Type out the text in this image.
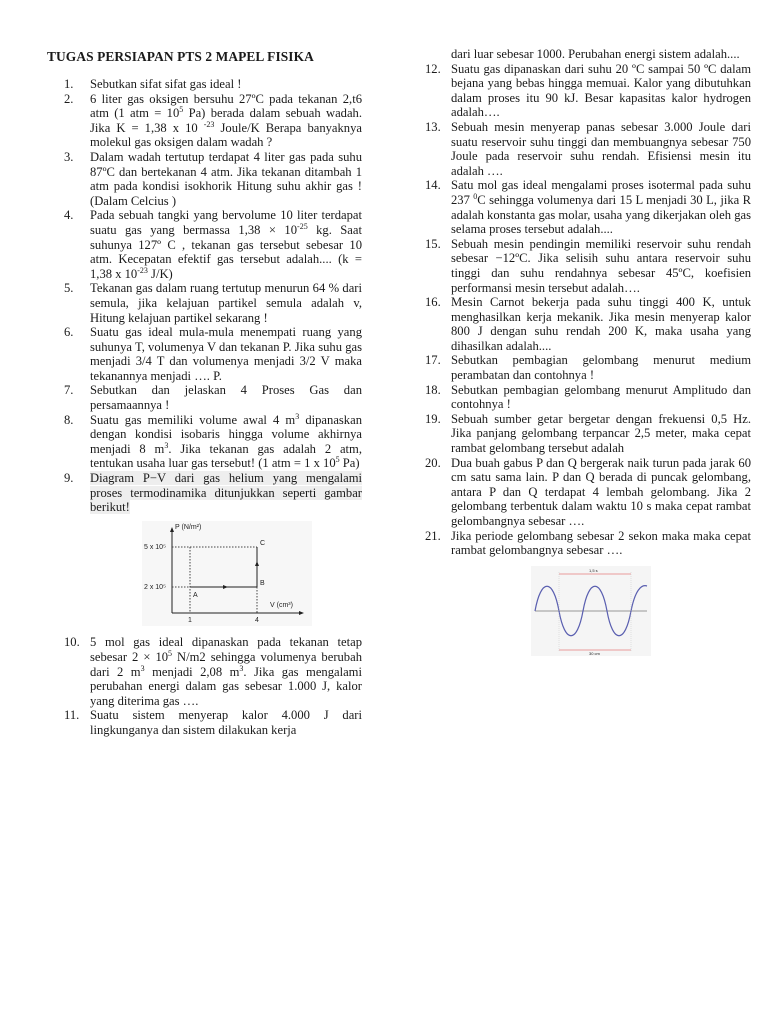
TUGAS PERSIAPAN PTS 2 MAPEL FISIKA
1. Sebutkan sifat sifat gas ideal !
2. 6 liter gas oksigen bersuhu 27ºC pada tekanan 2,t6 atm (1 atm = $10^5$ Pa) berada dalam sebuah wadah. Jika K = 1,38 x 10 $^{-23}$ Joule/K Berapa banyaknya molekul gas oksigen dalam wadah ?
3. Dalam wadah tertutup terdapat 4 liter gas pada suhu 87ºC dan bertekanan 4 atm. Jika tekanan ditambah 1 atm pada kondisi isokhorik Hitung suhu akhir gas ! (Dalam Celcius )
4. Pada sebuah tangki yang bervolume 10 liter terdapat suatu gas yang bermassa $1,38 \times 10^{-25}$ kg. Saat suhunya 127º C , tekanan gas tersebut sebesar 10 atm. Kecepatan efektif gas tersebut adalah.... (k = 1,38 x $10^{-23}$ J/K)
5. Tekanan gas dalam ruang tertutup menurun 64 % dari semula, jika kelajuan partikel semula adalah v, Hitung kelajuan partikel sekarang !
6. Suatu gas ideal mula-mula menempati ruang yang suhunya T, volumenya V dan tekanan P. Jika suhu gas menjadi 3/4 T dan volumenya menjadi 3/2 V maka tekanannya menjadi …. P.
7. Sebutkan dan jelaskan 4 Proses Gas dan persamaannya !
8. Suatu gas memiliki volume awal 4 $m^3$ dipanaskan dengan kondisi isobaris hingga volume akhirnya menjadi 8 $m^3$. Jika tekanan gas adalah 2 atm, tentukan usaha luar gas tersebut! (1 atm = 1 x $10^5$ Pa)
9. Diagram P−V dari gas helium yang mengalami proses termodinamika ditunjukkan seperti gambar berikut!
P (N/m²)
5 x 10⁵
2 x 10⁵
V (cm³)
1	4
A
B
C
10. 5 mol gas ideal dipanaskan pada tekanan tetap sebesar $2 \times 10^5$ N/m2 sehingga volumenya berubah dari 2 $m^3$ menjadi 2,08 $m^3$. Jika gas mengalami perubahan energi dalam gas sebesar 1.000 J, kalor yang diterima gas ….
11. Suatu sistem menyerap kalor 4.000 J dari lingkunganya dan sistem dilakukan kerja
dari luar sebesar 1000. Perubahan energi sistem adalah....
12. Suatu gas dipanaskan dari suhu 20 ºC sampai 50 ºC dalam bejana yang bebas hingga memuai. Kalor yang dibutuhkan dalam proses itu 90 kJ. Besar kapasitas kalor hydrogen adalah….
13. Sebuah mesin menyerap panas sebesar 3.000 Joule dari suatu reservoir suhu tinggi dan membuangnya sebesar 750 Joule pada reservoir suhu rendah. Efisiensi mesin itu adalah ….
14. Satu mol gas ideal mengalami proses isotermal pada suhu 237 $^0$C sehingga volumenya dari 15 L menjadi 30 L, jika R adalah konstanta gas molar, usaha yang dikerjakan oleh gas selama proses tersebut adalah....
15. Sebuah mesin pendingin memiliki reservoir suhu rendah sebesar −12ºC. Jika selisih suhu antara reservoir suhu tinggi dan suhu rendahnya sebesar 45ºC, koefisien performansi mesin tersebut adalah….
16. Mesin Carnot bekerja pada suhu tinggi 400 K, untuk menghasilkan kerja mekanik. Jika mesin menyerap kalor 800 J dengan suhu rendah 200 K, maka usaha yang dihasilkan adalah....
17. Sebutkan pembagian gelombang menurut medium perambatan dan contohnya !
18. Sebutkan pembagian gelombang menurut Amplitudo dan contohnya !
19. Sebuah sumber getar bergetar dengan frekuensi 0,5 Hz. Jika panjang gelombang terpancar 2,5 meter, maka cepat rambat gelombang tersebut adalah
20. Dua buah gabus P dan Q bergerak naik turun pada jarak 60 cm satu sama lain. P dan Q berada di puncak gelombang, antara P dan Q terdapat 4 lembah gelombang. Jika 2 gelombang terbentuk dalam waktu 10 s maka cepat rambat gelombangnya sebesar ….
21. Jika periode gelombang sebesar 2 sekon maka maka cepat rambat gelombangnya sebesar ….
1,5 s
30 cm
